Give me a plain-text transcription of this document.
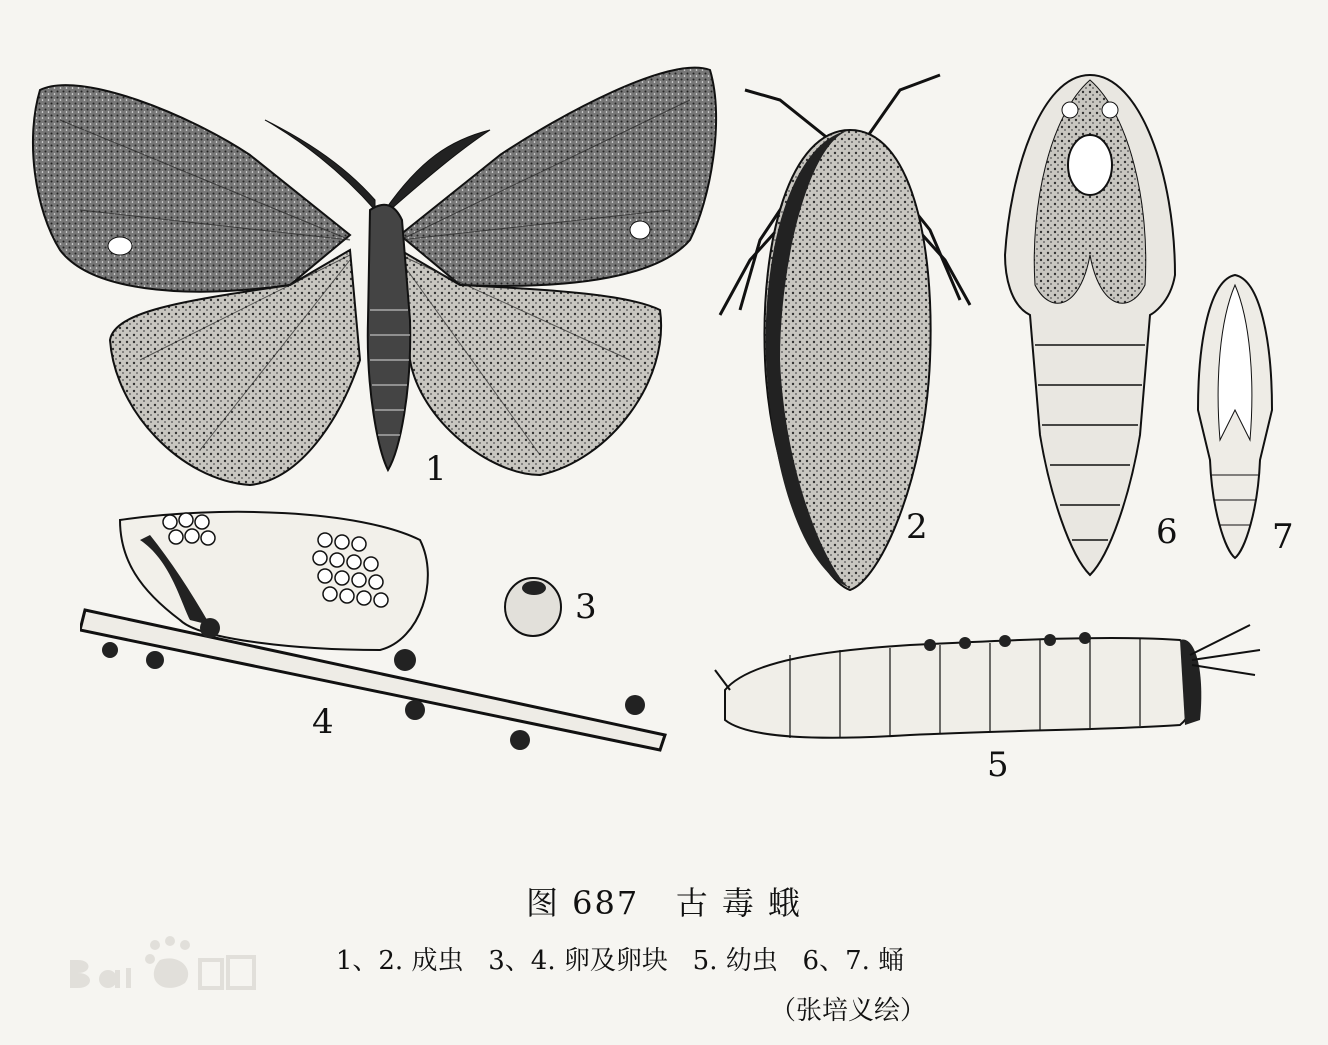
1
2	6	7
4
3
5
图 687   古 毒 蛾
1、2. 成虫   3、4. 卵及卵块   5. 幼虫   6、7. 蛹
（张培义绘）
